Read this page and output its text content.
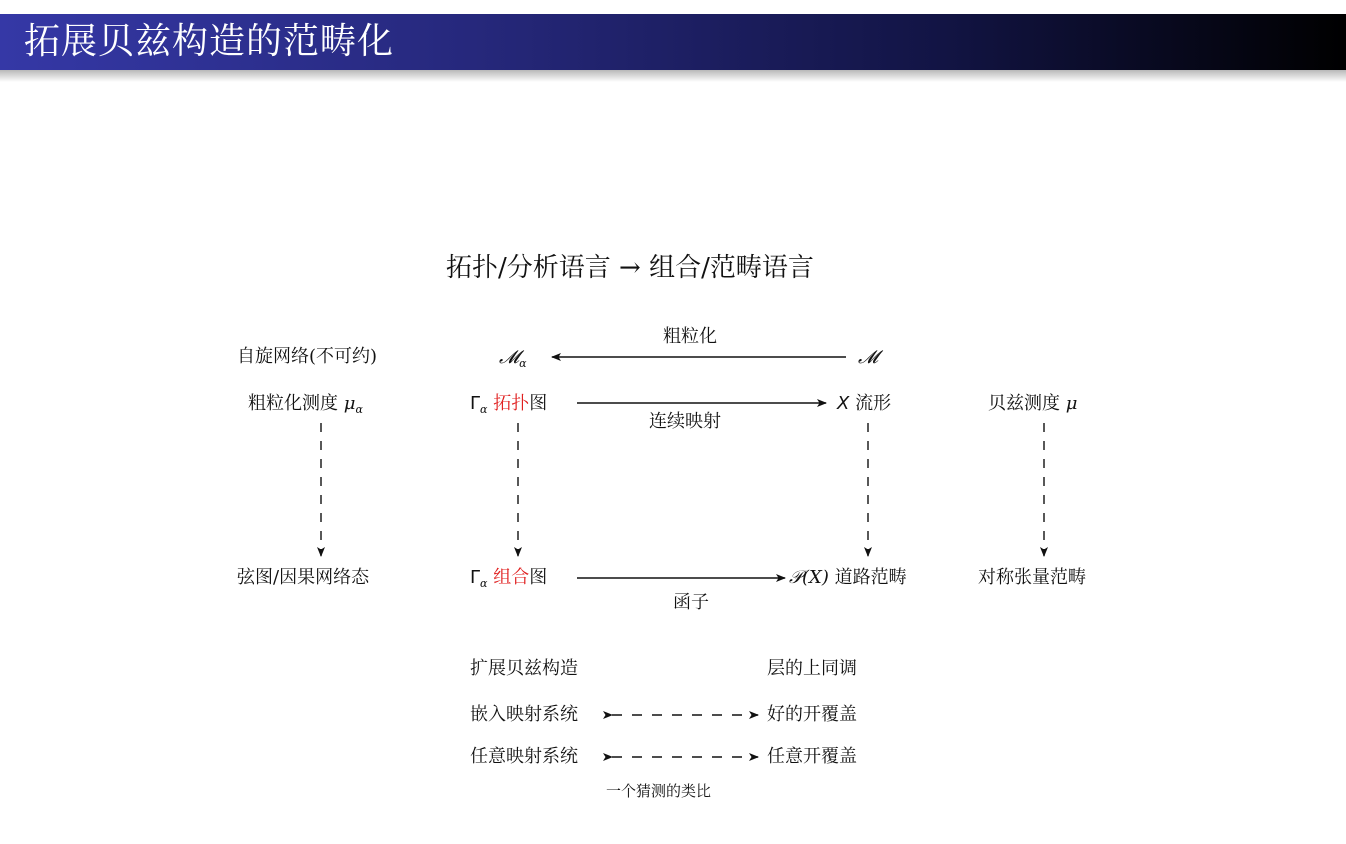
拓展贝兹构造的范畴化
拓扑/分析语言 → 组合/范畴语言
自旋网络(不可约)
粗粒化测度 $\mu_\alpha$
弦图/因果网络态
𝓜$_\alpha$
粗粒化
𝓜
$\Gamma_\alpha$ 拓扑图
连续映射
X 流形
$\Gamma_\alpha$ 组合图
函子
𝒫(X) 道路范畴
贝兹测度 μ
对称张量范畴
扩展贝兹构造	层的上同调
嵌入映射系统	好的开覆盖
任意映射系统	任意开覆盖
一个猜测的类比
